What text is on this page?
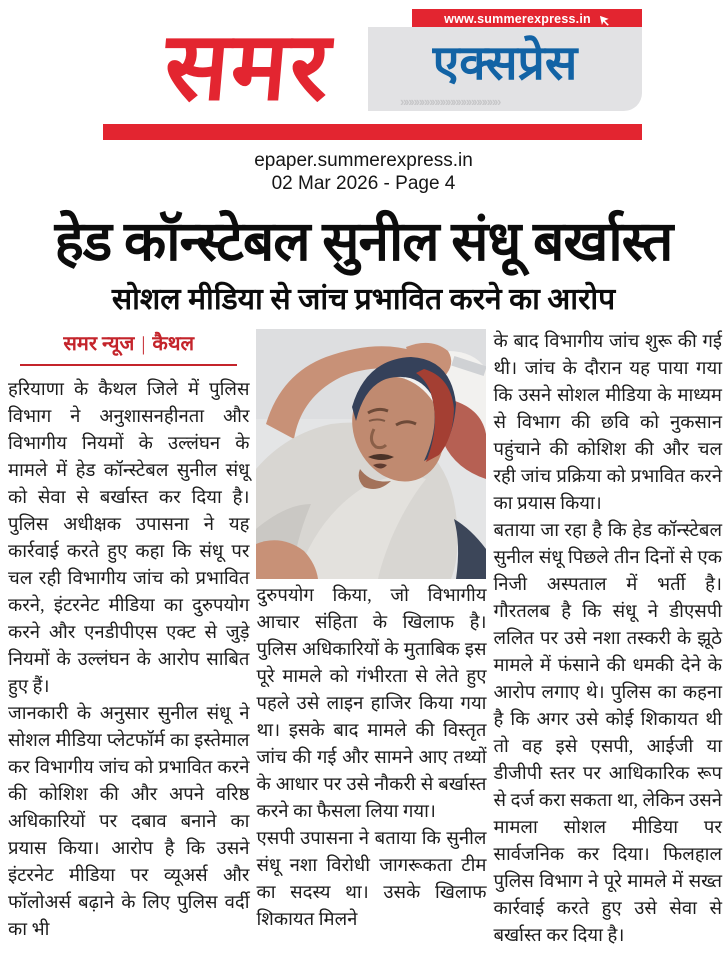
www.summerexpress.in
एक्सप्रेस
»»»»»»»»»»»»»»»»»»»
समर
epaper.summerexpress.in
02 Mar 2026 - Page 4
हेड कॉन्स्टेबल सुनील संधू बर्खास्त
सोशल मीडिया से जांच प्रभावित करने का आरोप
समर न्यूज | कैथल

हरियाणा के कैथल जिले में पुलिस विभाग ने अनुशासनहीनता और विभागीय नियमों के उल्लंघन के मामले में हेड कॉन्स्टेबल सुनील संधू को सेवा से बर्खास्त कर दिया है। पुलिस अधीक्षक उपासना ने यह कार्रवाई करते हुए कहा कि संधू पर चल रही विभागीय जांच को प्रभावित करने, इंटरनेट मीडिया का दुरुपयोग करने और एनडीपीएस एक्ट से जुड़े नियमों के उल्लंघन के आरोप साबित हुए हैं।

जानकारी के अनुसार सुनील संधू ने सोशल मीडिया प्लेटफॉर्म का इस्तेमाल कर विभागीय जांच को प्रभावित करने की कोशिश की और अपने वरिष्ठ अधिकारियों पर दबाव बनाने का प्रयास किया। आरोप है कि उसने इंटरनेट मीडिया पर व्यूअर्स और फॉलोअर्स बढ़ाने के लिए पुलिस वर्दी का भी

दुरुपयोग किया, जो विभागीय आचार संहिता के खिलाफ है। पुलिस अधिकारियों के मुताबिक इस पूरे मामले को गंभीरता से लेते हुए पहले उसे लाइन हाजिर किया गया था। इसके बाद मामले की विस्तृत जांच की गई और सामने आए तथ्यों के आधार पर उसे नौकरी से बर्खास्त करने का फैसला लिया गया।

एसपी उपासना ने बताया कि सुनील संधू नशा विरोधी जागरूकता टीम का सदस्य था। उसके खिलाफ शिकायत मिलने

के बाद विभागीय जांच शुरू की गई थी। जांच के दौरान यह पाया गया कि उसने सोशल मीडिया के माध्यम से विभाग की छवि को नुकसान पहुंचाने की कोशिश की और चल रही जांच प्रक्रिया को प्रभावित करने का प्रयास किया।

बताया जा रहा है कि हेड कॉन्स्टेबल सुनील संधू पिछले तीन दिनों से एक निजी अस्पताल में भर्ती है। गौरतलब है कि संधू ने डीएसपी ललित पर उसे नशा तस्करी के झूठे मामले में फंसाने की धमकी देने के आरोप लगाए थे। पुलिस का कहना है कि अगर उसे कोई शिकायत थी तो वह इसे एसपी, आईजी या डीजीपी स्तर पर आधिकारिक रूप से दर्ज करा सकता था, लेकिन उसने मामला सोशल मीडिया पर सार्वजनिक कर दिया। फिलहाल पुलिस विभाग ने पूरे मामले में सख्त कार्रवाई करते हुए उसे सेवा से बर्खास्त कर दिया है।
